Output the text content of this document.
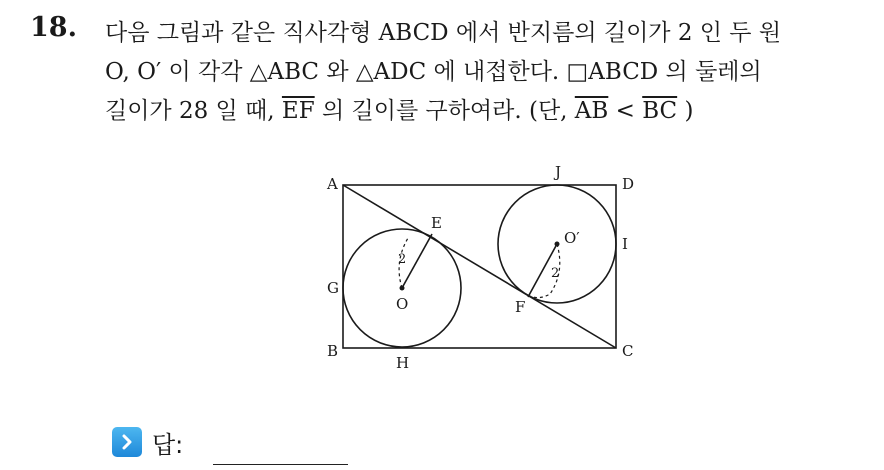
18. 다음 그림과 같은 직사각형 ABCD 에서 반지름의 길이가 2 인 두 원
O, O′ 이 각각 △ABC 와 △ADC 에 내접한다. □ABCD 의 둘레의
길이가 28 일 때, $\overline{EF}$ 의 길이를 구하여라. (단, $\overline{AB} < \overline{BC}$ )
A
B	C
D
E
F
G
H
I
J
O
O′
2
2
답:
